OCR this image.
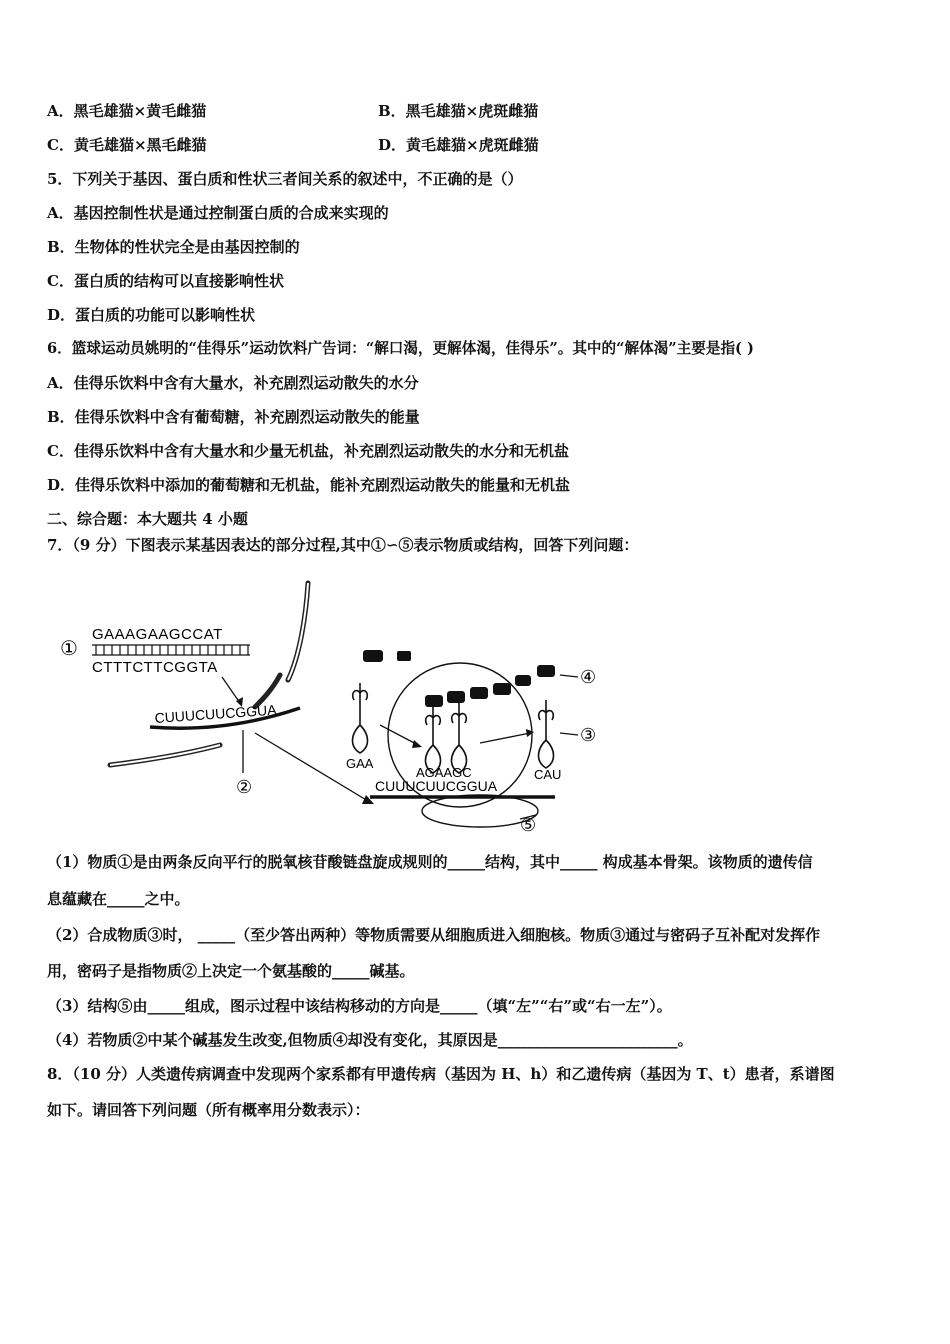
A．黑毛雄猫×黄毛雌猫	B．黑毛雄猫×虎斑雌猫
C．黄毛雄猫×黑毛雌猫	D．黄毛雄猫×虎斑雌猫
5．下列关于基因、蛋白质和性状三者间关系的叙述中，不正确的是（）
A．基因控制性状是通过控制蛋白质的合成来实现的
B．生物体的性状完全是由基因控制的
C．蛋白质的结构可以直接影响性状
D．蛋白质的功能可以影响性状
6．篮球运动员姚明的“佳得乐”运动饮料广告词：“解口渴，更解体渴，佳得乐”。其中的“解体渴”主要是指( )
A．佳得乐饮料中含有大量水，补充剧烈运动散失的水分
B．佳得乐饮料中含有葡萄糖，补充剧烈运动散失的能量
C．佳得乐饮料中含有大量水和少量无机盐，补充剧烈运动散失的水分和无机盐
D．佳得乐饮料中添加的葡萄糖和无机盐，能补充剧烈运动散失的能量和无机盐
二、综合题：本大题共 4 小题
7．（9 分）下图表示某基因表达的部分过程,其中①∽⑤表示物质或结构，回答下列问题：
①
GAAAGAAGCCAT
CTTTCTTCGGTA
CUUUCUUCGGUA
②
④
③
GAA
AGAAGC	CAU
CUUUCUUCGGUA
⑤
（1）物质①是由两条反向平行的脱氧核苷酸链盘旋成规则的_____结构，其中_____ 构成基本骨架。该物质的遗传信
息蕴藏在_____之中。
（2）合成物质③时， _____（至少答出两种）等物质需要从细胞质进入细胞核。物质③通过与密码子互补配对发挥作
用，密码子是指物质②上决定一个氨基酸的_____碱基。
（3）结构⑤由_____组成，图示过程中该结构移动的方向是_____（填“左”“右”或“右一左”）。
（4）若物质②中某个碱基发生改变,但物质④却没有变化，其原因是________________________。
8．（10 分）人类遗传病调查中发现两个家系都有甲遗传病（基因为 H、h）和乙遗传病（基因为 T、t）患者，系谱图
如下。请回答下列问题（所有概率用分数表示）：
